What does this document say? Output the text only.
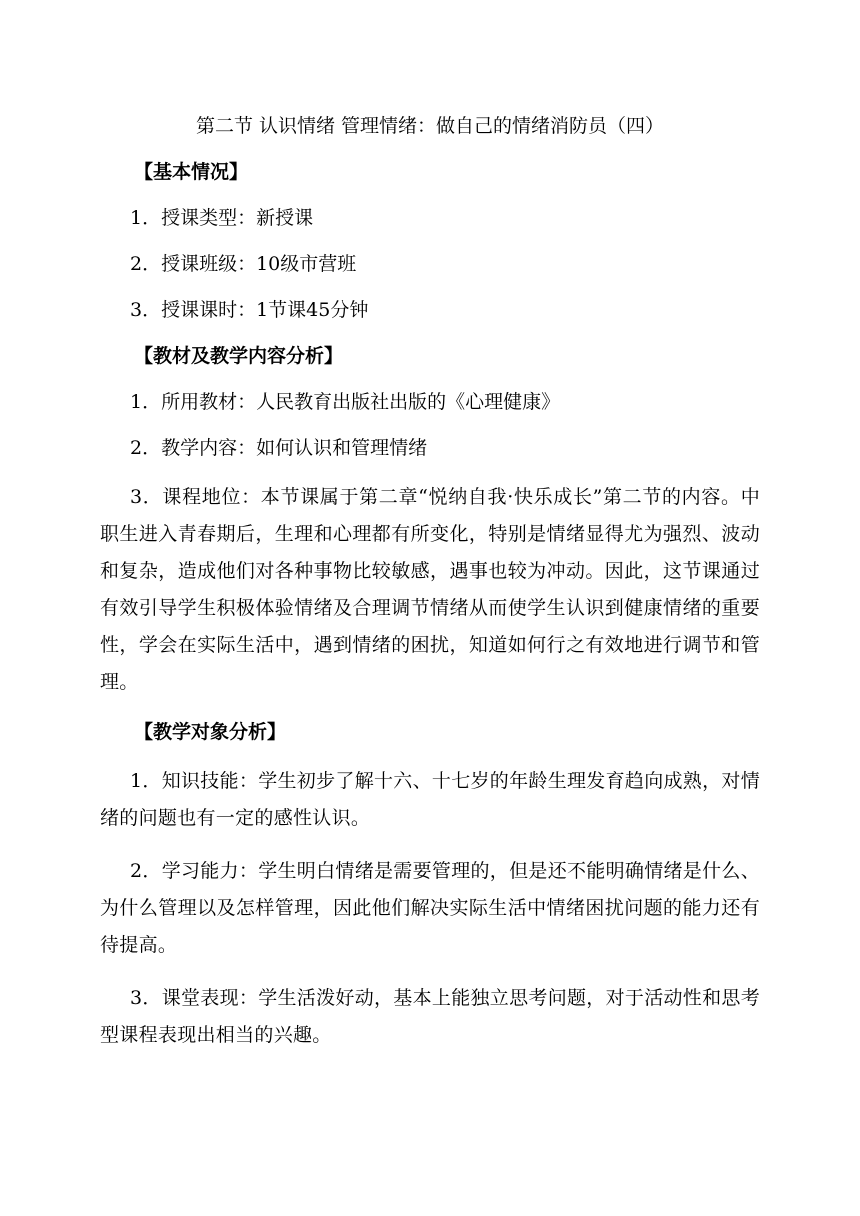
第二节 认识情绪 管理情绪：做自己的情绪消防员（四）
【基本情况】
1．授课类型：新授课
2．授课班级：10级市营班
3．授课课时：1节课45分钟
【教材及教学内容分析】
1．所用教材：人民教育出版社出版的《心理健康》
2．教学内容：如何认识和管理情绪
3．课程地位：本节课属于第二章“悦纳自我·快乐成长”第二节的内容。中职生进入青春期后，生理和心理都有所变化，特别是情绪显得尤为强烈、波动和复杂，造成他们对各种事物比较敏感，遇事也较为冲动。因此，这节课通过有效引导学生积极体验情绪及合理调节情绪从而使学生认识到健康情绪的重要性，学会在实际生活中，遇到情绪的困扰，知道如何行之有效地进行调节和管理。
【教学对象分析】
1．知识技能：学生初步了解十六、十七岁的年龄生理发育趋向成熟，对情绪的问题也有一定的感性认识。
2．学习能力：学生明白情绪是需要管理的，但是还不能明确情绪是什么、为什么管理以及怎样管理，因此他们解决实际生活中情绪困扰问题的能力还有待提高。
3．课堂表现：学生活泼好动，基本上能独立思考问题，对于活动性和思考型课程表现出相当的兴趣。
